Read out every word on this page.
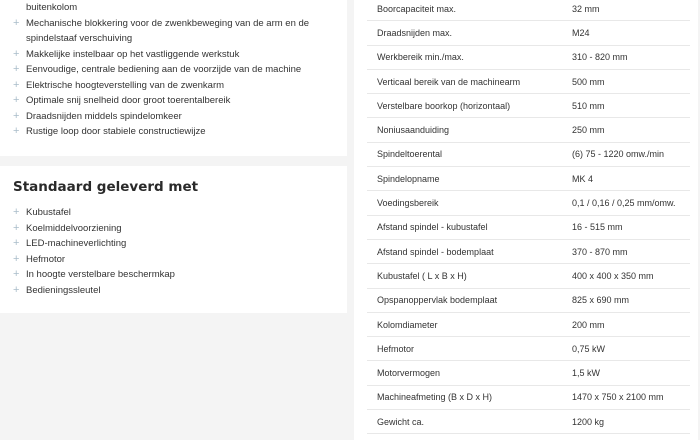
buitenkolom
+ Mechanische blokkering voor de zwenkbeweging van de arm en de
spindelstaaf verschuiving
+ Makkelijke instelbaar op het vastliggende werkstuk
+ Eenvoudige, centrale bediening aan de voorzijde van de machine
+ Elektrische hoogteverstelling van de zwenkarm
+ Optimale snij snelheid door groot toerentalbereik
+ Draadsnijden middels spindelomkeer
+ Rustige loop door stabiele constructiewijze
Standaard geleverd met
+ Kubustafel
+ Koelmiddelvoorziening
+ LED-machineverlichting
+ Hefmotor
+ In hoogte verstelbare beschermkap
+ Bedieningssleutel
Boorcapaciteit max.	32 mm
Draadsnijden max.	M24
Werkbereik min./max.	310 - 820 mm
Verticaal bereik van de machinearm	500 mm
Verstelbare boorkop (horizontaal)	510 mm
Noniusaanduiding	250 mm
Spindeltoerental	(6) 75 - 1220 omw./min
Spindelopname	MK 4
Voedingsbereik	0,1 / 0,16 / 0,25 mm/omw.
Afstand spindel - kubustafel	16 - 515 mm
Afstand spindel - bodemplaat	370 - 870 mm
Kubustafel ( L x B x H)	400 x 400 x 350 mm
Opspanoppervlak bodemplaat	825 x 690 mm
Kolomdiameter	200 mm
Hefmotor	0,75 kW
Motorvermogen	1,5 kW
Machineafmeting (B x D x H)	1470 x 750 x 2100 mm
Gewicht ca.	1200 kg
